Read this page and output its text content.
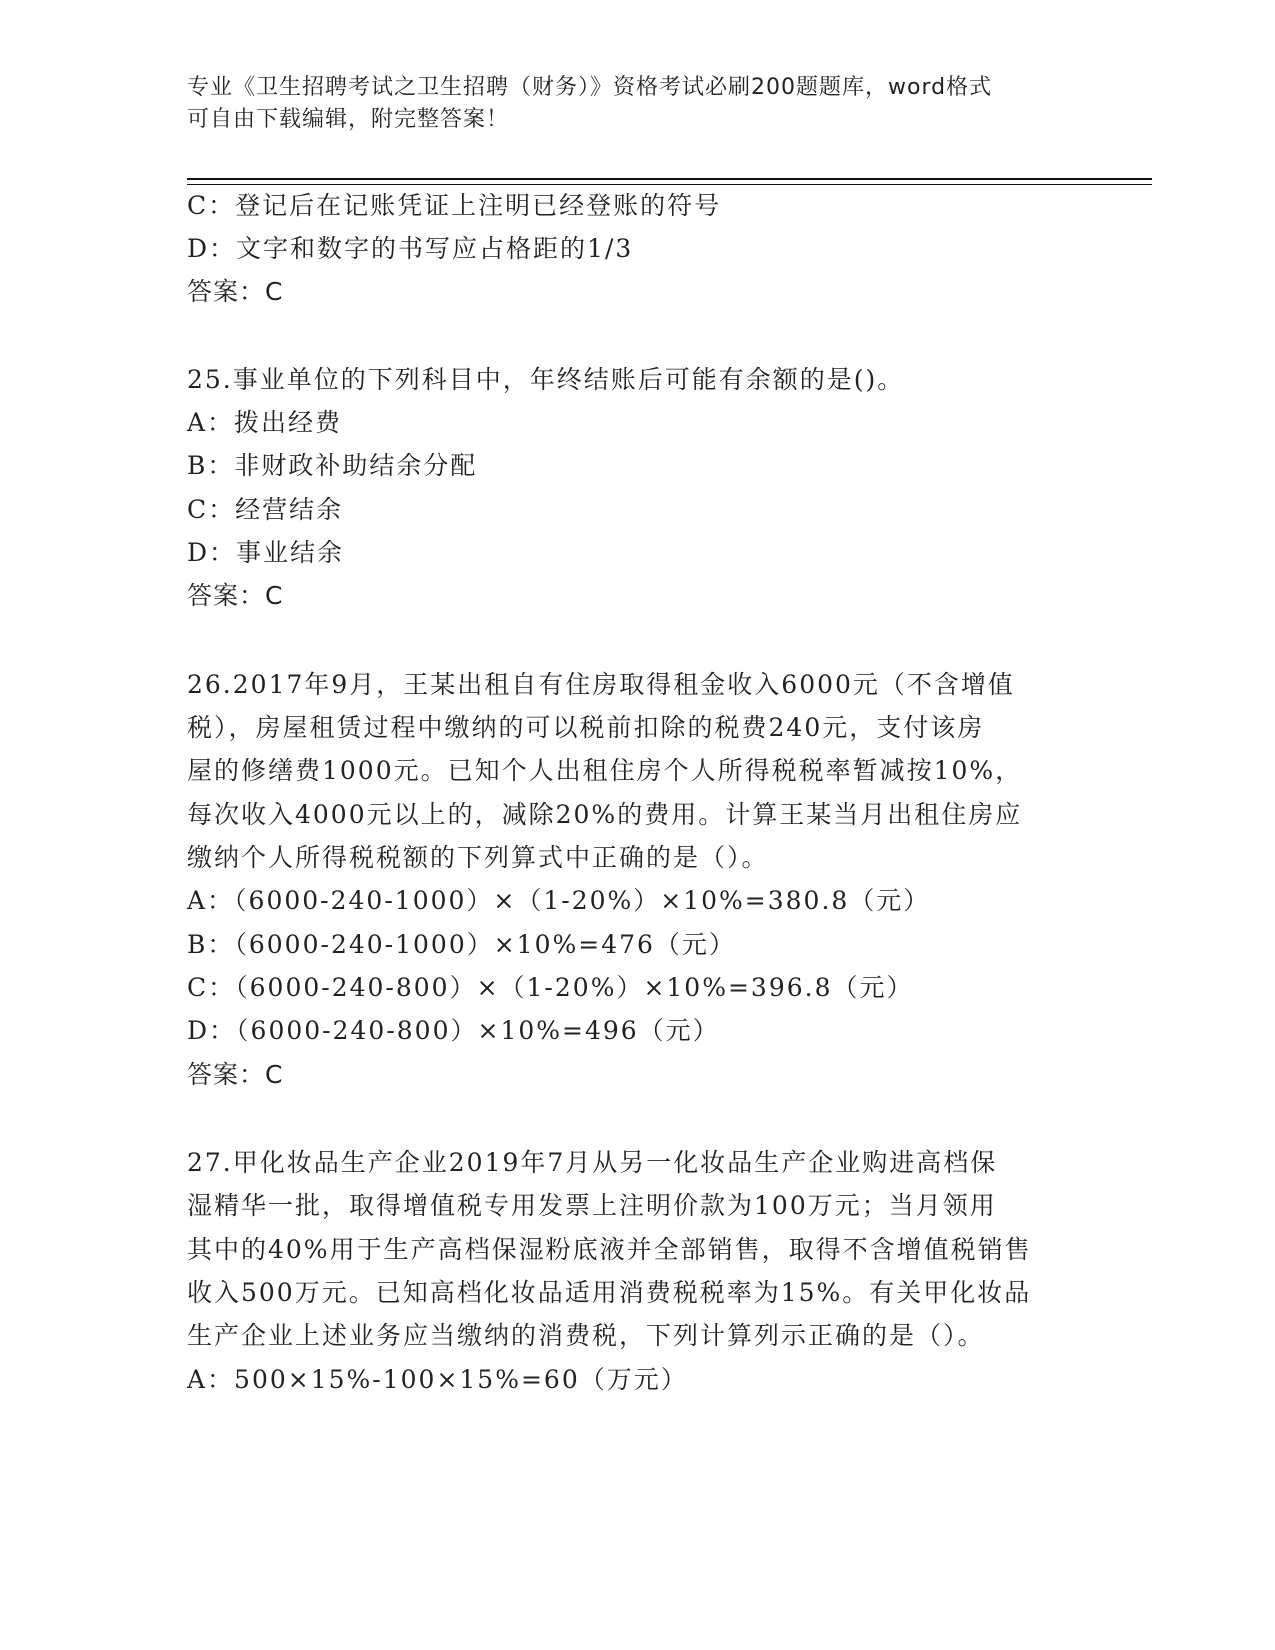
专业《卫生招聘考试之卫生招聘（财务）》资格考试必刷200题题库，word格式
可自由下载编辑，附完整答案！
C：登记后在记账凭证上注明已经登账的符号
D：文字和数字的书写应占格距的1/3
答案：C
25.事业单位的下列科目中，年终结账后可能有余额的是()。
A：拨出经费
B：非财政补助结余分配
C：经营结余
D：事业结余
答案：C
26.2017年9月，王某出租自有住房取得租金收入6000元（不含增值
税），房屋租赁过程中缴纳的可以税前扣除的税费240元，支付该房
屋的修缮费1000元。已知个人出租住房个人所得税税率暂减按10%，
每次收入4000元以上的，减除20%的费用。计算王某当月出租住房应
缴纳个人所得税税额的下列算式中正确的是（）。
A：（6000-240-1000）×（1-20%）×10%=380.8（元）
B：（6000-240-1000）×10%=476（元）
C：（6000-240-800）×（1-20%）×10%=396.8（元）
D：（6000-240-800）×10%=496（元）
答案：C
27.甲化妆品生产企业2019年7月从另一化妆品生产企业购进高档保
湿精华一批，取得增值税专用发票上注明价款为100万元；当月领用
其中的40%用于生产高档保湿粉底液并全部销售，取得不含增值税销售
收入500万元。已知高档化妆品适用消费税税率为15%。有关甲化妆品
生产企业上述业务应当缴纳的消费税，下列计算列示正确的是（）。
A：500×15%-100×15%=60（万元）
